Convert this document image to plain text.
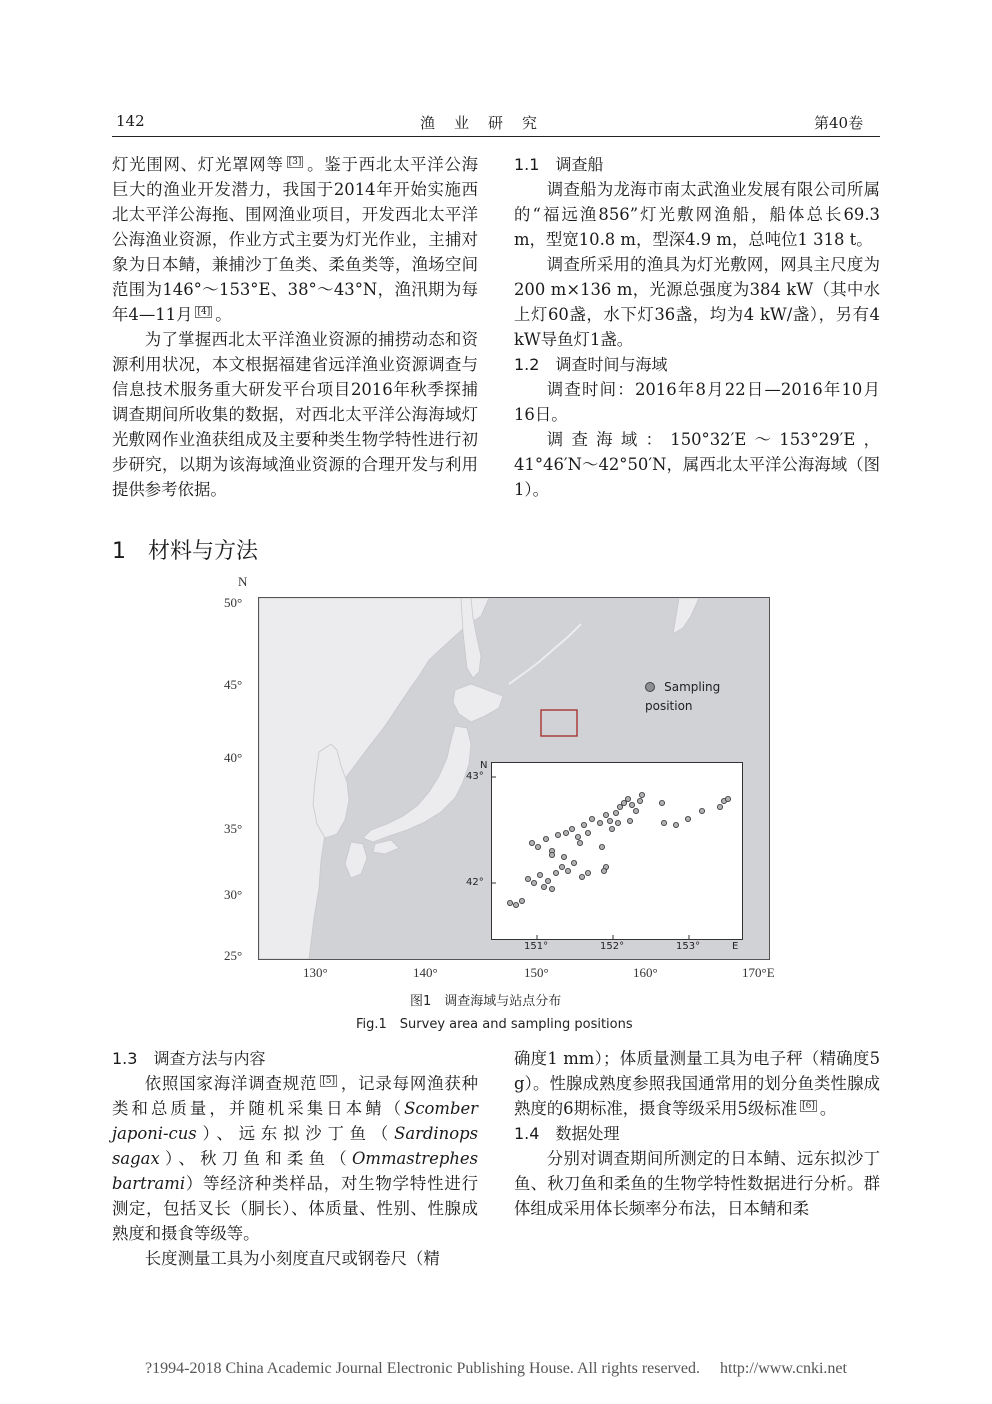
142	渔　业　研　究	第40卷

灯光围网、灯光罩网等 [3] 。鉴于西北太平洋公海巨大的渔业开发潜力，我国于2014年开始实施西北太平洋公海拖、围网渔业项目，开发西北太平洋公海渔业资源，作业方式主要为灯光作业，主捕对象为日本鲭，兼捕沙丁鱼类、柔鱼类等，渔场空间范围为146°～153°E、38°～43°N，渔汛期为每年4—11月 [4] 。

为了掌握西北太平洋渔业资源的捕捞动态和资源利用状况，本文根据福建省远洋渔业资源调查与信息技术服务重大研发平台项目2016年秋季探捕调查期间所收集的数据，对西北太平洋公海海域灯光敷网作业渔获组成及主要种类生物学特性进行初步研究，以期为该海域渔业资源的合理开发与利用提供参考依据。

1.1　调查船

调查船为龙海市南太武渔业发展有限公司所属的“福远渔856”灯光敷网渔船，船体总长69.3 m，型宽10.8 m，型深4.9 m，总吨位1 318 t。

调查所采用的渔具为灯光敷网，网具主尺度为200 m×136 m，光源总强度为384 kW（其中水上灯60盏，水下灯36盏，均为4 kW/盏），另有4 kW导鱼灯1盏。

1.2　调查时间与海域

调查时间：2016年8月22日—2016年10月16日。

调查海域：150°32′E～153°29′E，41°46′N～42°50′N，属西北太平洋公海海域（图1）。

1　材料与方法
N
50°
45°
40°
35°
30°
25°
130°	140°	150°	160°	170°E
Sampling position
N
43°
42°
151°	152°	153°	E
图1　调查海域与站点分布
Fig.1　Survey area and sampling positions

1.3　调查方法与内容

依照国家海洋调查规范 [5] ，记录每网渔获种类和总质量，并随机采集日本鲭（Scomber japoni-cus）、远东拟沙丁鱼（Sardinops sagax）、秋刀鱼和柔鱼（Ommastrephes bartrami）等经济种类样品，对生物学特性进行测定，包括叉长（胴长）、体质量、性别、性腺成熟度和摄食等级等。

长度测量工具为小刻度直尺或钢卷尺（精

确度1 mm）；体质量测量工具为电子秤（精确度5 g）。性腺成熟度参照我国通常用的划分鱼类性腺成熟度的6期标准，摄食等级采用5级标准 [6] 。

1.4　数据处理

分别对调查期间所测定的日本鲭、远东拟沙丁鱼、秋刀鱼和柔鱼的生物学特性数据进行分析。群体组成采用体长频率分布法，日本鲭和柔

?1994-2018 China Academic Journal Electronic Publishing House. All rights reserved.　 http://www.cnki.net
